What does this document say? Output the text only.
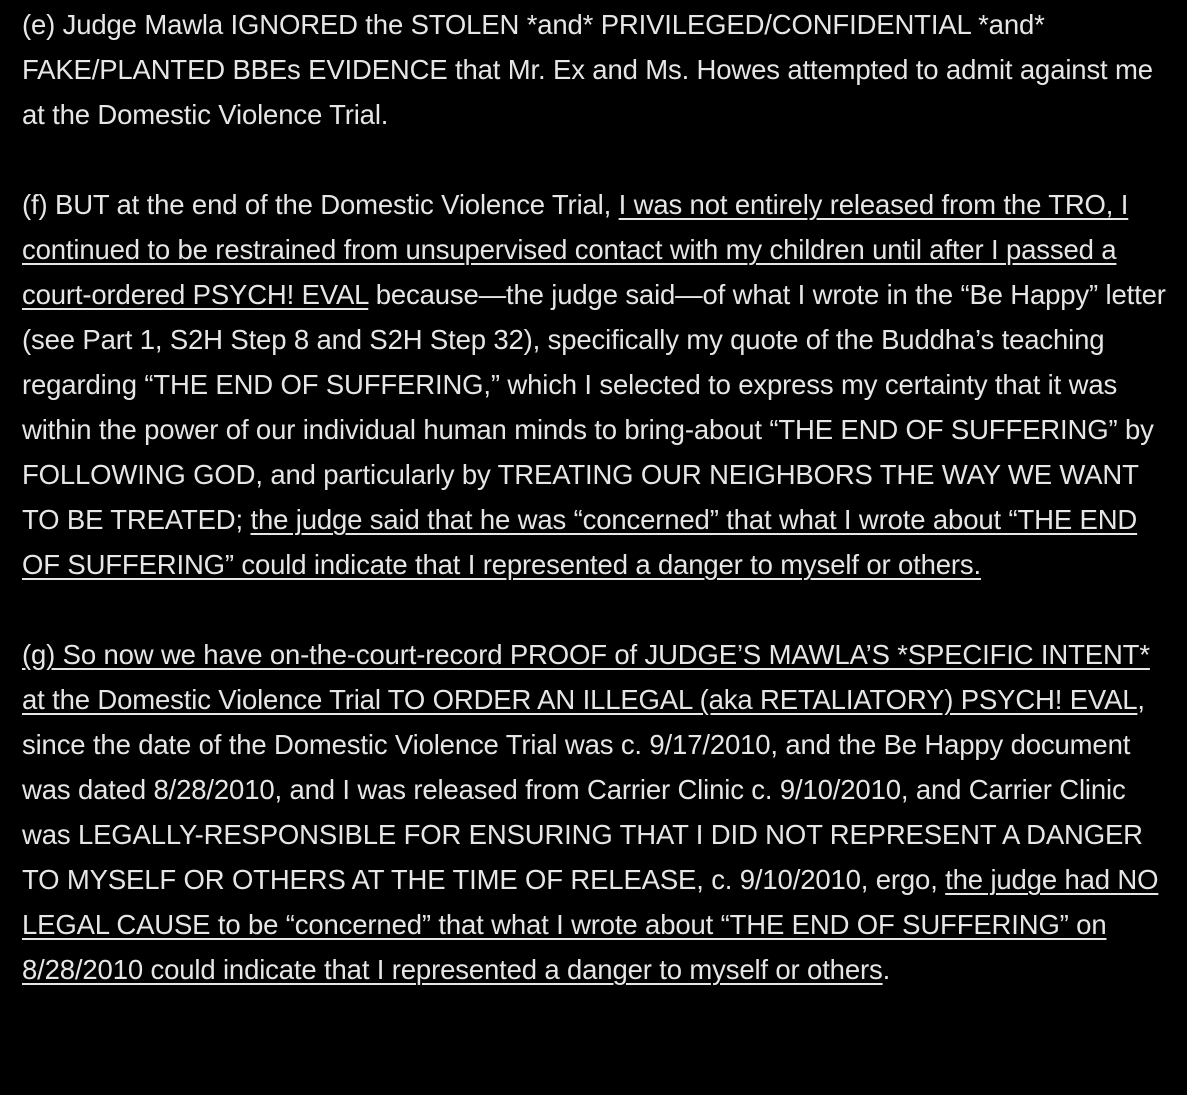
(e) Judge Mawla IGNORED the STOLEN *and* PRIVILEGED/CONFIDENTIAL *and* FAKE/PLANTED BBEs EVIDENCE that Mr. Ex and Ms. Howes attempted to admit against me at the Domestic Violence Trial.

(f) BUT at the end of the Domestic Violence Trial, I was not entirely released from the TRO, I continued to be restrained from unsupervised contact with my children until after I passed a court-ordered PSYCH! EVAL because—the judge said—of what I wrote in the “Be Happy” letter (see Part 1, S2H Step 8 and S2H Step 32), specifically my quote of the Buddha’s teaching regarding “THE END OF SUFFERING,” which I selected to express my certainty that it was within the power of our individual human minds to bring-about “THE END OF SUFFERING” by FOLLOWING GOD, and particularly by TREATING OUR NEIGHBORS THE WAY WE WANT TO BE TREATED; the judge said that he was “concerned” that what I wrote about “THE END OF SUFFERING” could indicate that I represented a danger to myself or others.

(g) So now we have on-the-court-record PROOF of JUDGE’S MAWLA’S *SPECIFIC INTENT* at the Domestic Violence Trial TO ORDER AN ILLEGAL (aka RETALIATORY) PSYCH! EVAL, since the date of the Domestic Violence Trial was c. 9/17/2010, and the Be Happy document was dated 8/28/2010, and I was released from Carrier Clinic c. 9/10/2010, and Carrier Clinic was LEGALLY-RESPONSIBLE FOR ENSURING THAT I DID NOT REPRESENT A DANGER TO MYSELF OR OTHERS AT THE TIME OF RELEASE, c. 9/10/2010, ergo, the judge had NO LEGAL CAUSE to be “concerned” that what I wrote about “THE END OF SUFFERING” on 8/28/2010 could indicate that I represented a danger to myself or others.
